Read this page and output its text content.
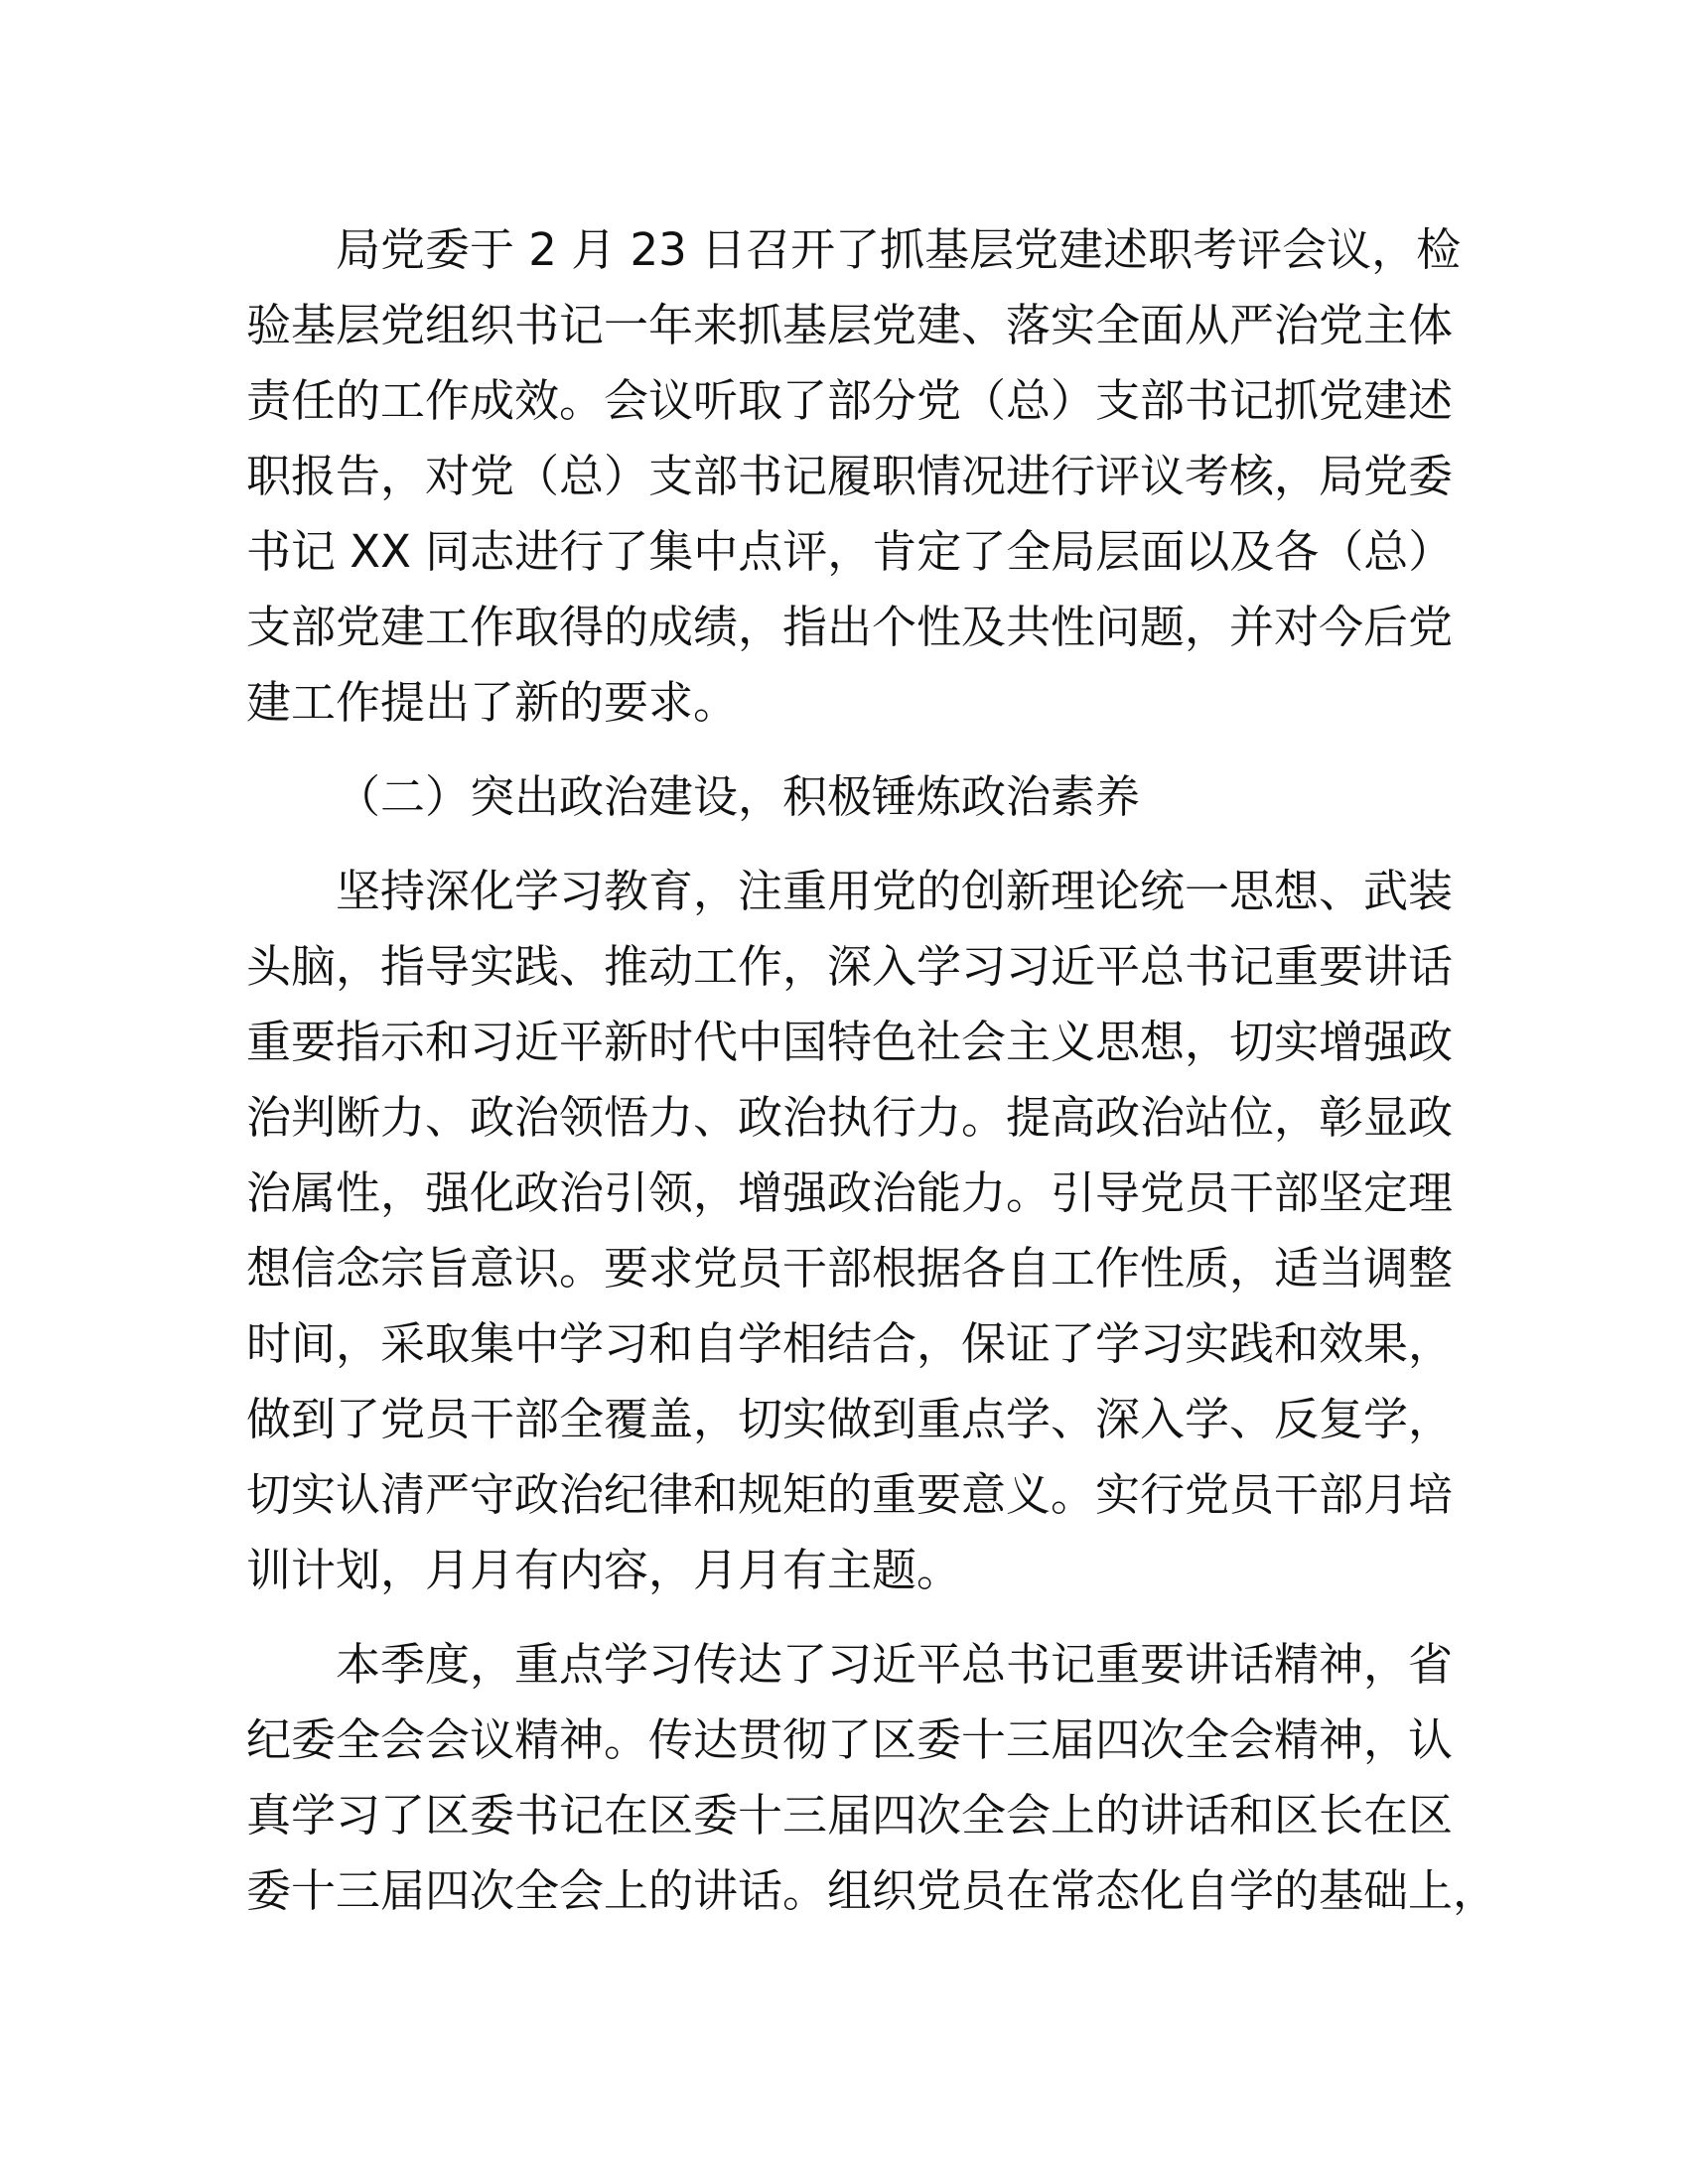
局党委于 2 月 23 日召开了抓基层党建述职考评会议，检
验基层党组织书记一年来抓基层党建、落实全面从严治党主体
责任的工作成效。会议听取了部分党（总）支部书记抓党建述
职报告，对党（总）支部书记履职情况进行评议考核，局党委
书记 XX 同志进行了集中点评，肯定了全局层面以及各（总）
支部党建工作取得的成绩，指出个性及共性问题，并对今后党
建工作提出了新的要求。
（二）突出政治建设，积极锤炼政治素养
坚持深化学习教育，注重用党的创新理论统一思想、武装
头脑，指导实践、推动工作，深入学习习近平总书记重要讲话
重要指示和习近平新时代中国特色社会主义思想，切实增强政
治判断力、政治领悟力、政治执行力。提高政治站位，彰显政
治属性，强化政治引领，增强政治能力。引导党员干部坚定理
想信念宗旨意识。要求党员干部根据各自工作性质，适当调整
时间，采取集中学习和自学相结合，保证了学习实践和效果，
做到了党员干部全覆盖，切实做到重点学、深入学、反复学，
切实认清严守政治纪律和规矩的重要意义。实行党员干部月培
训计划，月月有内容，月月有主题。
本季度，重点学习传达了习近平总书记重要讲话精神，省
纪委全会会议精神。传达贯彻了区委十三届四次全会精神，认
真学习了区委书记在区委十三届四次全会上的讲话和区长在区
委十三届四次全会上的讲话。组织党员在常态化自学的基础上，
